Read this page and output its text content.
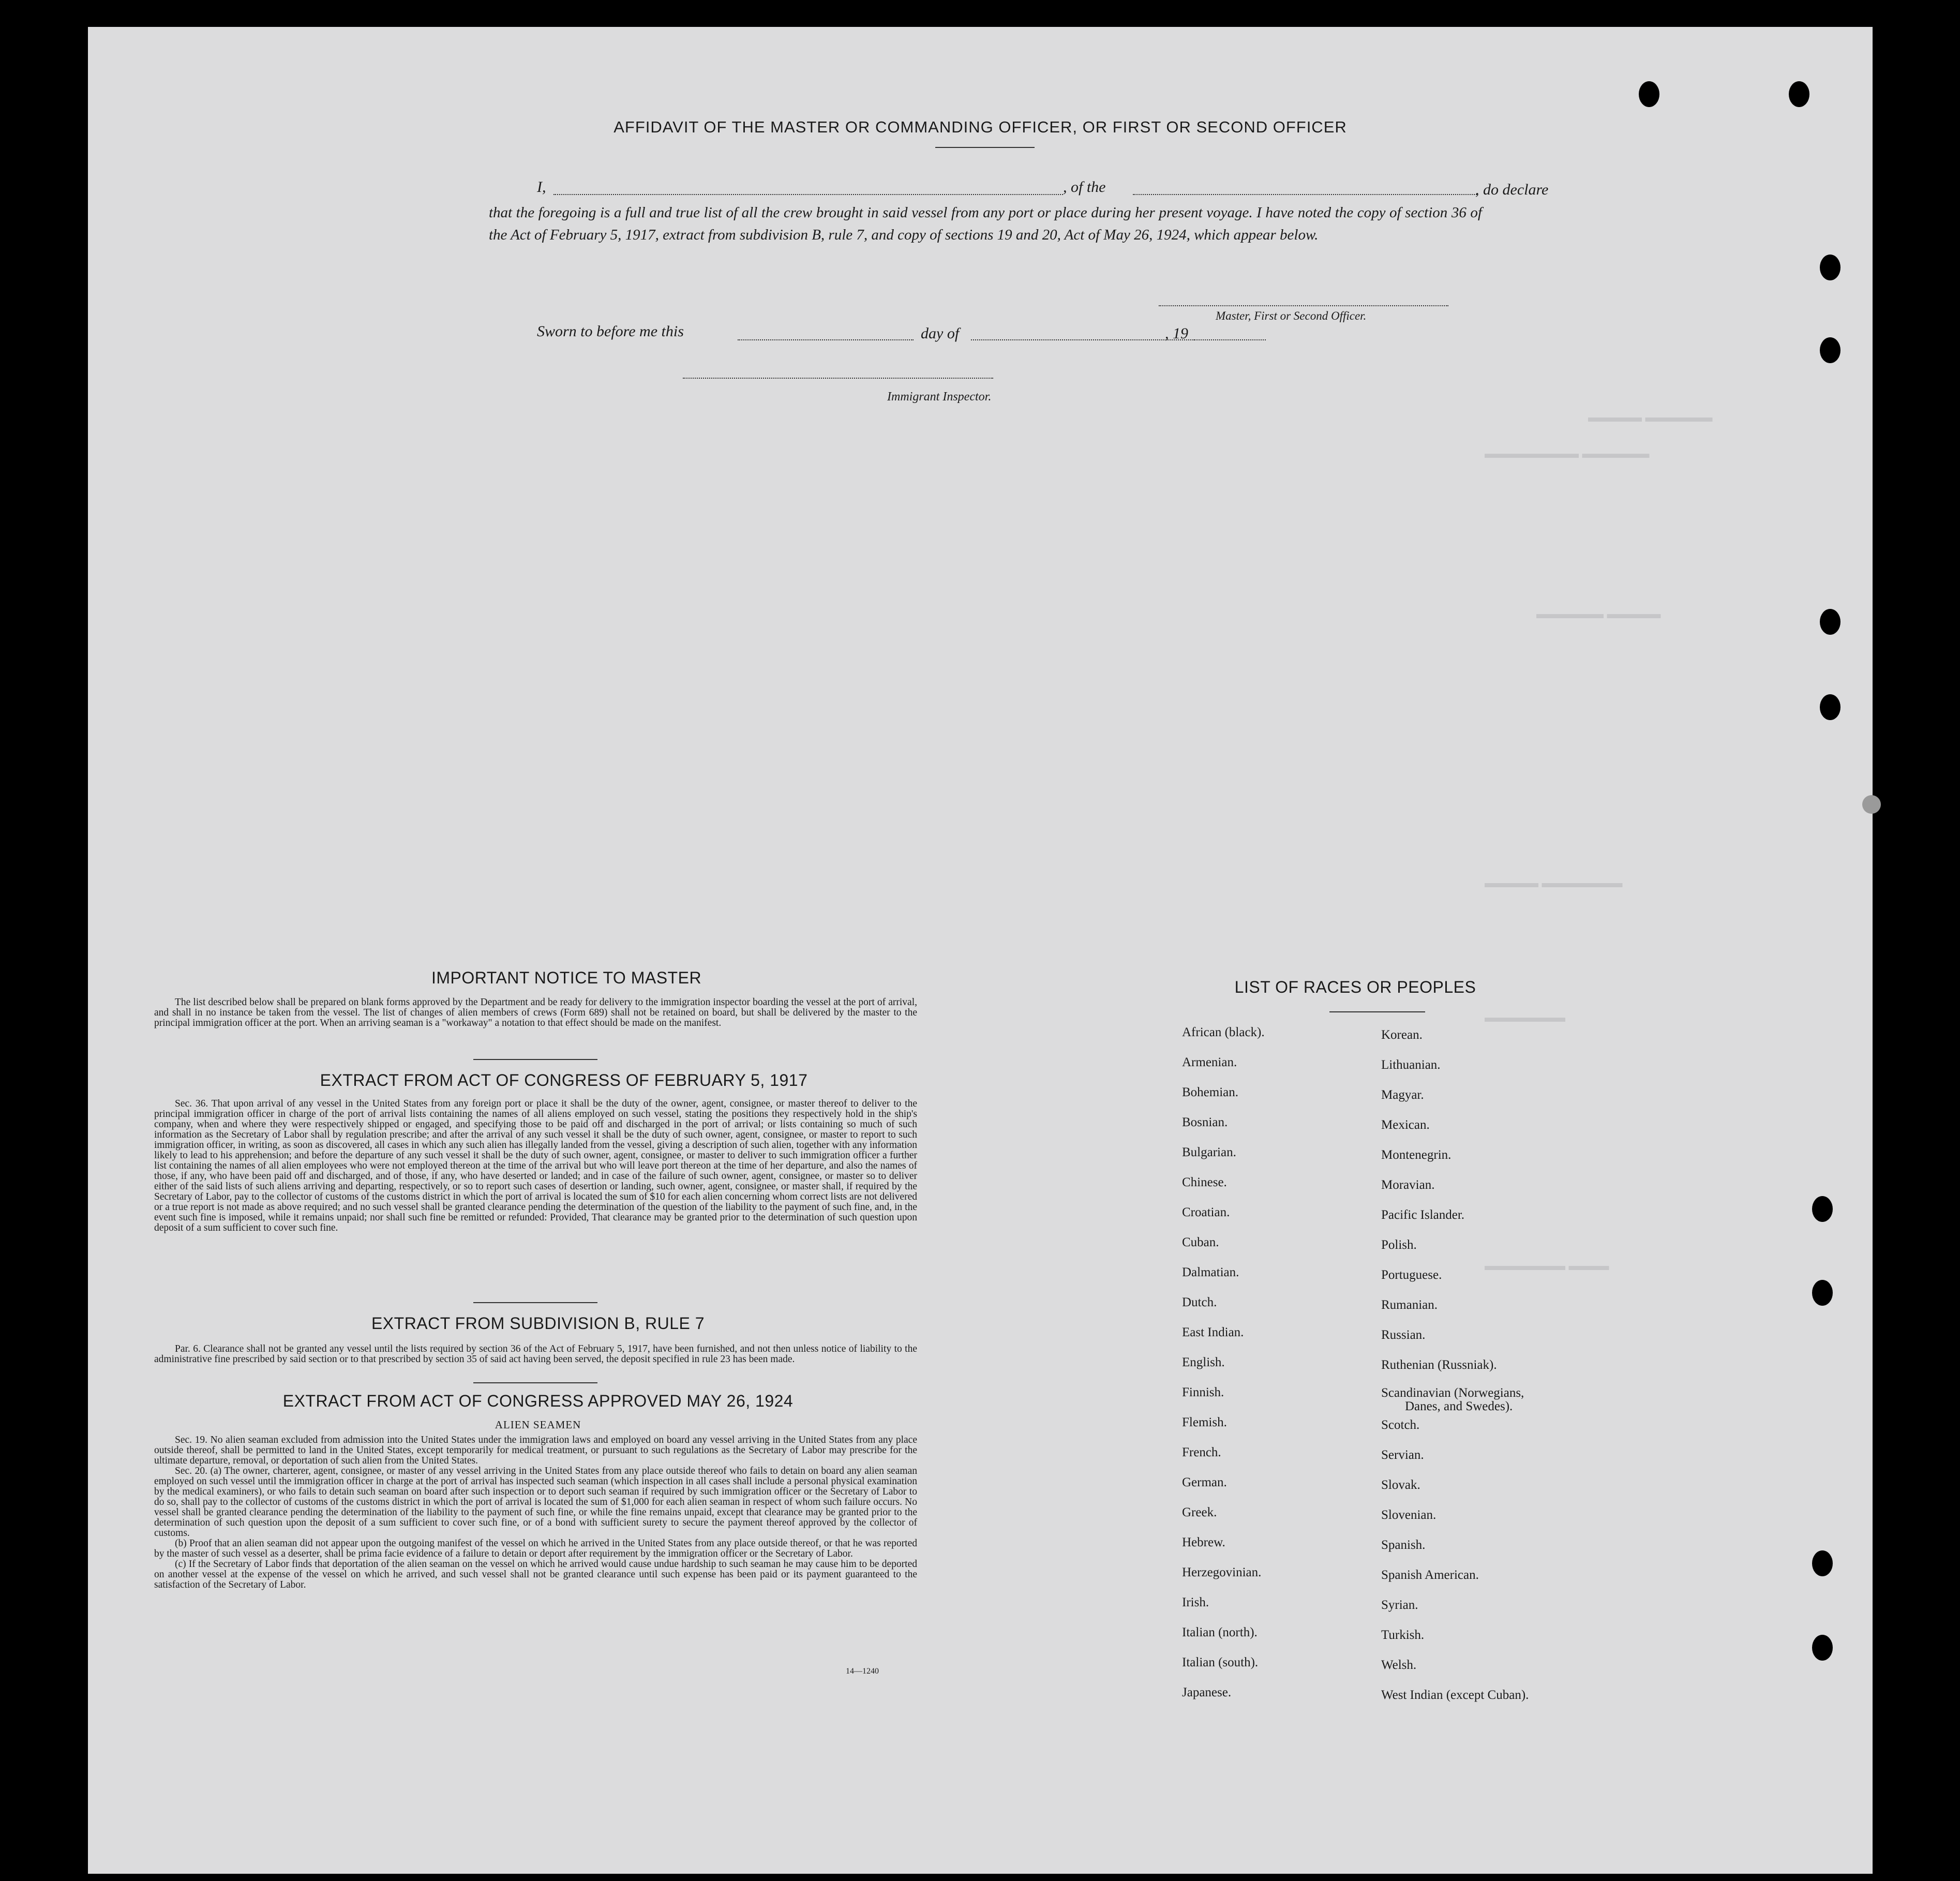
▬▬▬▬ ▬▬▬▬▬
▬▬▬▬▬▬▬ ▬▬▬▬▬
▬▬▬▬▬ ▬▬▬▬
▬▬▬▬ ▬▬▬▬▬▬
▬▬▬▬▬▬
▬▬▬▬▬▬ ▬▬▬
AFFIDAVIT OF THE MASTER OR COMMANDING OFFICER, OR FIRST OR SECOND OFFICER
I,	, of the	, do declare
that the foregoing is a full and true list of all the crew brought in said vessel from any port or place during her present voyage. I have noted the copy of section 36 of the Act of February 5, 1917, extract from subdivision B, rule 7, and copy of sections 19 and 20, Act of May 26, 1924, which appear below.
Master, First or Second Officer.
Sworn to before me this	day of	, 19
Immigrant Inspector.
IMPORTANT NOTICE TO MASTER

The list described below shall be prepared on blank forms approved by the Department and be ready for delivery to the immigration inspector boarding the vessel at the port of arrival, and shall in no instance be taken from the vessel. The list of changes of alien members of crews (Form 689) shall not be retained on board, but shall be delivered by the master to the principal immigration officer at the port. When an arriving seaman is a "workaway" a notation to that effect should be made on the manifest.

EXTRACT FROM ACT OF CONGRESS OF FEBRUARY 5, 1917

Sec. 36. That upon arrival of any vessel in the United States from any foreign port or place it shall be the duty of the owner, agent, consignee, or master thereof to deliver to the principal immigration officer in charge of the port of arrival lists containing the names of all aliens employed on such vessel, stating the positions they respectively hold in the ship's company, when and where they were respectively shipped or engaged, and specifying those to be paid off and discharged in the port of arrival; or lists containing so much of such information as the Secretary of Labor shall by regulation prescribe; and after the arrival of any such vessel it shall be the duty of such owner, agent, consignee, or master to report to such immigration officer, in writing, as soon as discovered, all cases in which any such alien has illegally landed from the vessel, giving a description of such alien, together with any information likely to lead to his apprehension; and before the departure of any such vessel it shall be the duty of such owner, agent, consignee, or master to deliver to such immigration officer a further list containing the names of all alien employees who were not employed thereon at the time of the arrival but who will leave port thereon at the time of her departure, and also the names of those, if any, who have been paid off and discharged, and of those, if any, who have deserted or landed; and in case of the failure of such owner, agent, consignee, or master so to deliver either of the said lists of such aliens arriving and departing, respectively, or so to report such cases of desertion or landing, such owner, agent, consignee, or master shall, if required by the Secretary of Labor, pay to the collector of customs of the customs district in which the port of arrival is located the sum of $10 for each alien concerning whom correct lists are not delivered or a true report is not made as above required; and no such vessel shall be granted clearance pending the determination of the question of the liability to the payment of such fine, and, in the event such fine is imposed, while it remains unpaid; nor shall such fine be remitted or refunded: Provided, That clearance may be granted prior to the determination of such question upon deposit of a sum sufficient to cover such fine.

EXTRACT FROM SUBDIVISION B, RULE 7

Par. 6. Clearance shall not be granted any vessel until the lists required by section 36 of the Act of February 5, 1917, have been furnished, and not then unless notice of liability to the administrative fine prescribed by said section or to that prescribed by section 35 of said act having been served, the deposit specified in rule 23 has been made.

EXTRACT FROM ACT OF CONGRESS APPROVED MAY 26, 1924
ALIEN SEAMEN

Sec. 19. No alien seaman excluded from admission into the United States under the immigration laws and employed on board any vessel arriving in the United States from any place outside thereof, shall be permitted to land in the United States, except temporarily for medical treatment, or pursuant to such regulations as the Secretary of Labor may prescribe for the ultimate departure, removal, or deportation of such alien from the United States.

Sec. 20. (a) The owner, charterer, agent, consignee, or master of any vessel arriving in the United States from any place outside thereof who fails to detain on board any alien seaman employed on such vessel until the immigration officer in charge at the port of arrival has inspected such seaman (which inspection in all cases shall include a personal physical examination by the medical examiners), or who fails to detain such seaman on board after such inspection or to deport such seaman if required by such immigration officer or the Secretary of Labor to do so, shall pay to the collector of customs of the customs district in which the port of arrival is located the sum of $1,000 for each alien seaman in respect of whom such failure occurs. No vessel shall be granted clearance pending the determination of the liability to the payment of such fine, or while the fine remains unpaid, except that clearance may be granted prior to the determination of such question upon the deposit of a sum sufficient to cover such fine, or of a bond with sufficient surety to secure the payment thereof approved by the collector of customs.

(b) Proof that an alien seaman did not appear upon the outgoing manifest of the vessel on which he arrived in the United States from any place outside thereof, or that he was reported by the master of such vessel as a deserter, shall be prima facie evidence of a failure to detain or deport after requirement by the immigration officer or the Secretary of Labor.

(c) If the Secretary of Labor finds that deportation of the alien seaman on the vessel on which he arrived would cause undue hardship to such seaman he may cause him to be deported on another vessel at the expense of the vessel on which he arrived, and such vessel shall not be granted clearance until such expense has been paid or its payment guaranteed to the satisfaction of the Secretary of Labor.

14—1240
LIST OF RACES OR PEOPLES
African (black).
Armenian.
Bohemian.
Bosnian.
Bulgarian.
Chinese.
Croatian.
Cuban.
Dalmatian.
Dutch.
East Indian.
English.
Finnish.
Flemish.
French.
German.
Greek.
Hebrew.
Herzegovinian.
Irish.
Italian (north).
Italian (south).
Japanese.
Korean.
Lithuanian.
Magyar.
Mexican.
Montenegrin.
Moravian.
Pacific Islander.
Polish.
Portuguese.
Rumanian.
Russian.
Ruthenian (Russniak).
Scandinavian (Norwegians,
Danes, and Swedes).
Scotch.
Servian.
Slovak.
Slovenian.
Spanish.
Spanish American.
Syrian.
Turkish.
Welsh.
West Indian (except Cuban).
